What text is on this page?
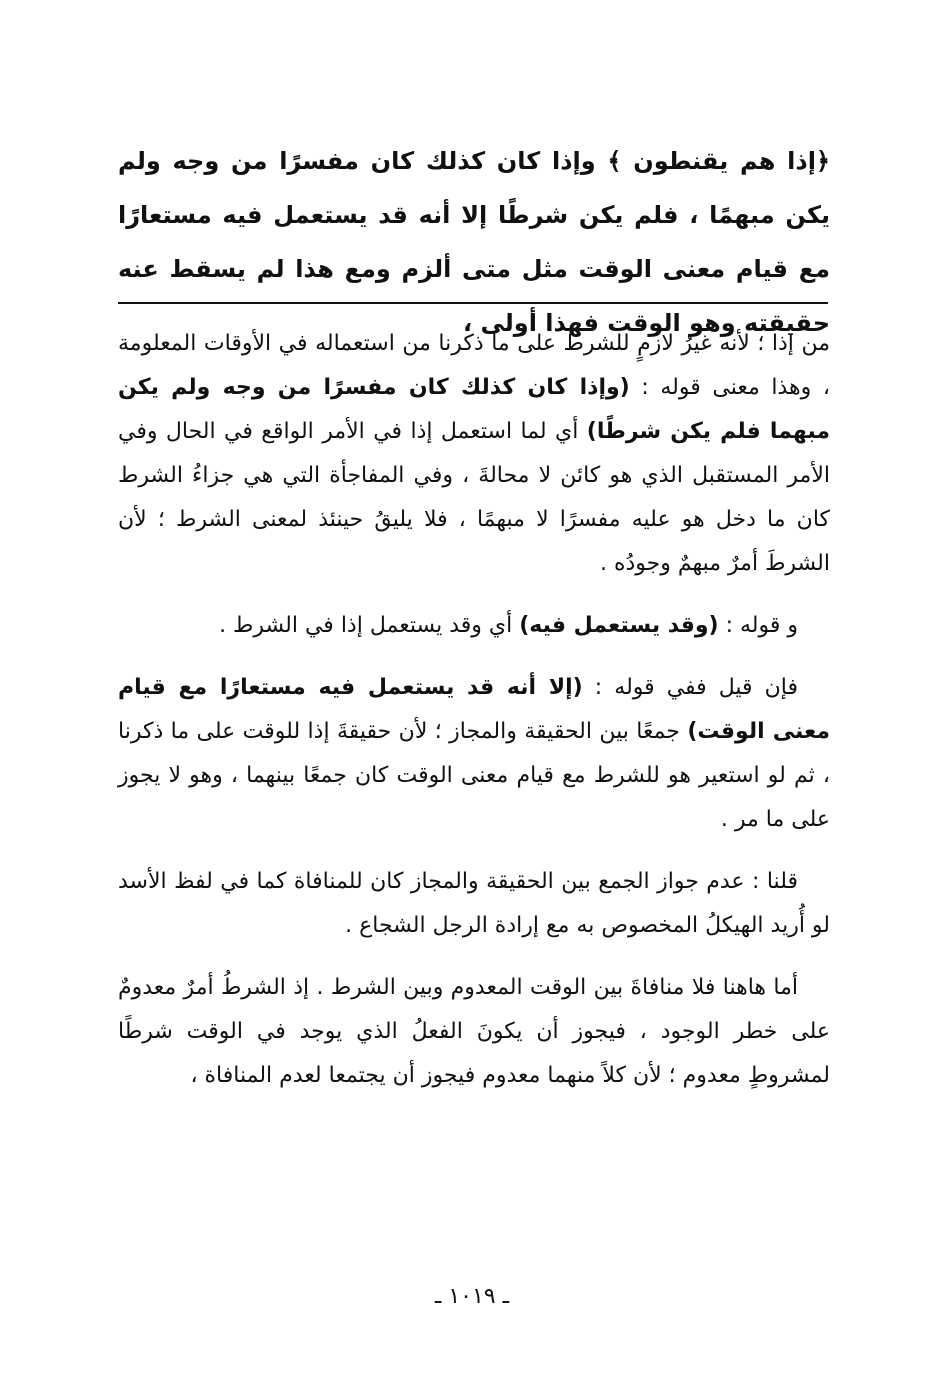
﴿إذا هم يقنطون ﴾ وإذا كان كذلك كان مفسرًا من وجه ولم يكن مبهمًا ، فلم يكن شرطًا إلا أنه قد يستعمل فيه مستعارًا مع قيام معنى الوقت مثل متى ألزم ومع هذا لم يسقط عنه حقيقته وهو الوقت فهذا أولى ،

من إذا ؛ لأنه غيرُ لازمٍ للشرط على ما ذكرنا من استعماله في الأوقات المعلومة ، وهذا معنى قوله : (وإذا كان كذلك كان مفسرًا من وجه ولم يكن مبهما فلم يكن شرطًا) أي لما استعمل إذا في الأمر الواقع في الحال وفي الأمر المستقبل الذي هو كائن لا محالةَ ، وفي المفاجأة التي هي جزاءُ الشرط كان ما دخل هو عليه مفسرًا لا مبهمًا ، فلا يليقُ حينئذ لمعنى الشرط ؛ لأن الشرطَ أمرٌ مبهمٌ وجودُه .

و قوله : (وقد يستعمل فيه) أي وقد يستعمل إذا في الشرط .

فإن قيل ففي قوله : (إلا أنه قد يستعمل فيه مستعارًا مع قيام معنى الوقت) جمعًا بين الحقيقة والمجاز ؛ لأن حقيقةَ إذا للوقت على ما ذكرنا ، ثم لو استعير هو للشرط مع قيام معنى الوقت كان جمعًا بينهما ، وهو لا يجوز على ما مر .

قلنا : عدم جواز الجمع بين الحقيقة والمجاز كان للمنافاة كما في لفظ الأسد لو أُريد الهيكلُ المخصوص به مع إرادة الرجل الشجاع .

أما هاهنا فلا منافاةَ بين الوقت المعدوم وبين الشرط . إذ الشرطُ أمرٌ معدومٌ على خطر الوجود ، فيجوز أن يكونَ الفعلُ الذي يوجد في الوقت شرطًا لمشروطٍ معدوم ؛ لأن كلاً منهما معدوم فيجوز أن يجتمعا لعدم المنافاة ،

ـ ١٠١٩ ـ
